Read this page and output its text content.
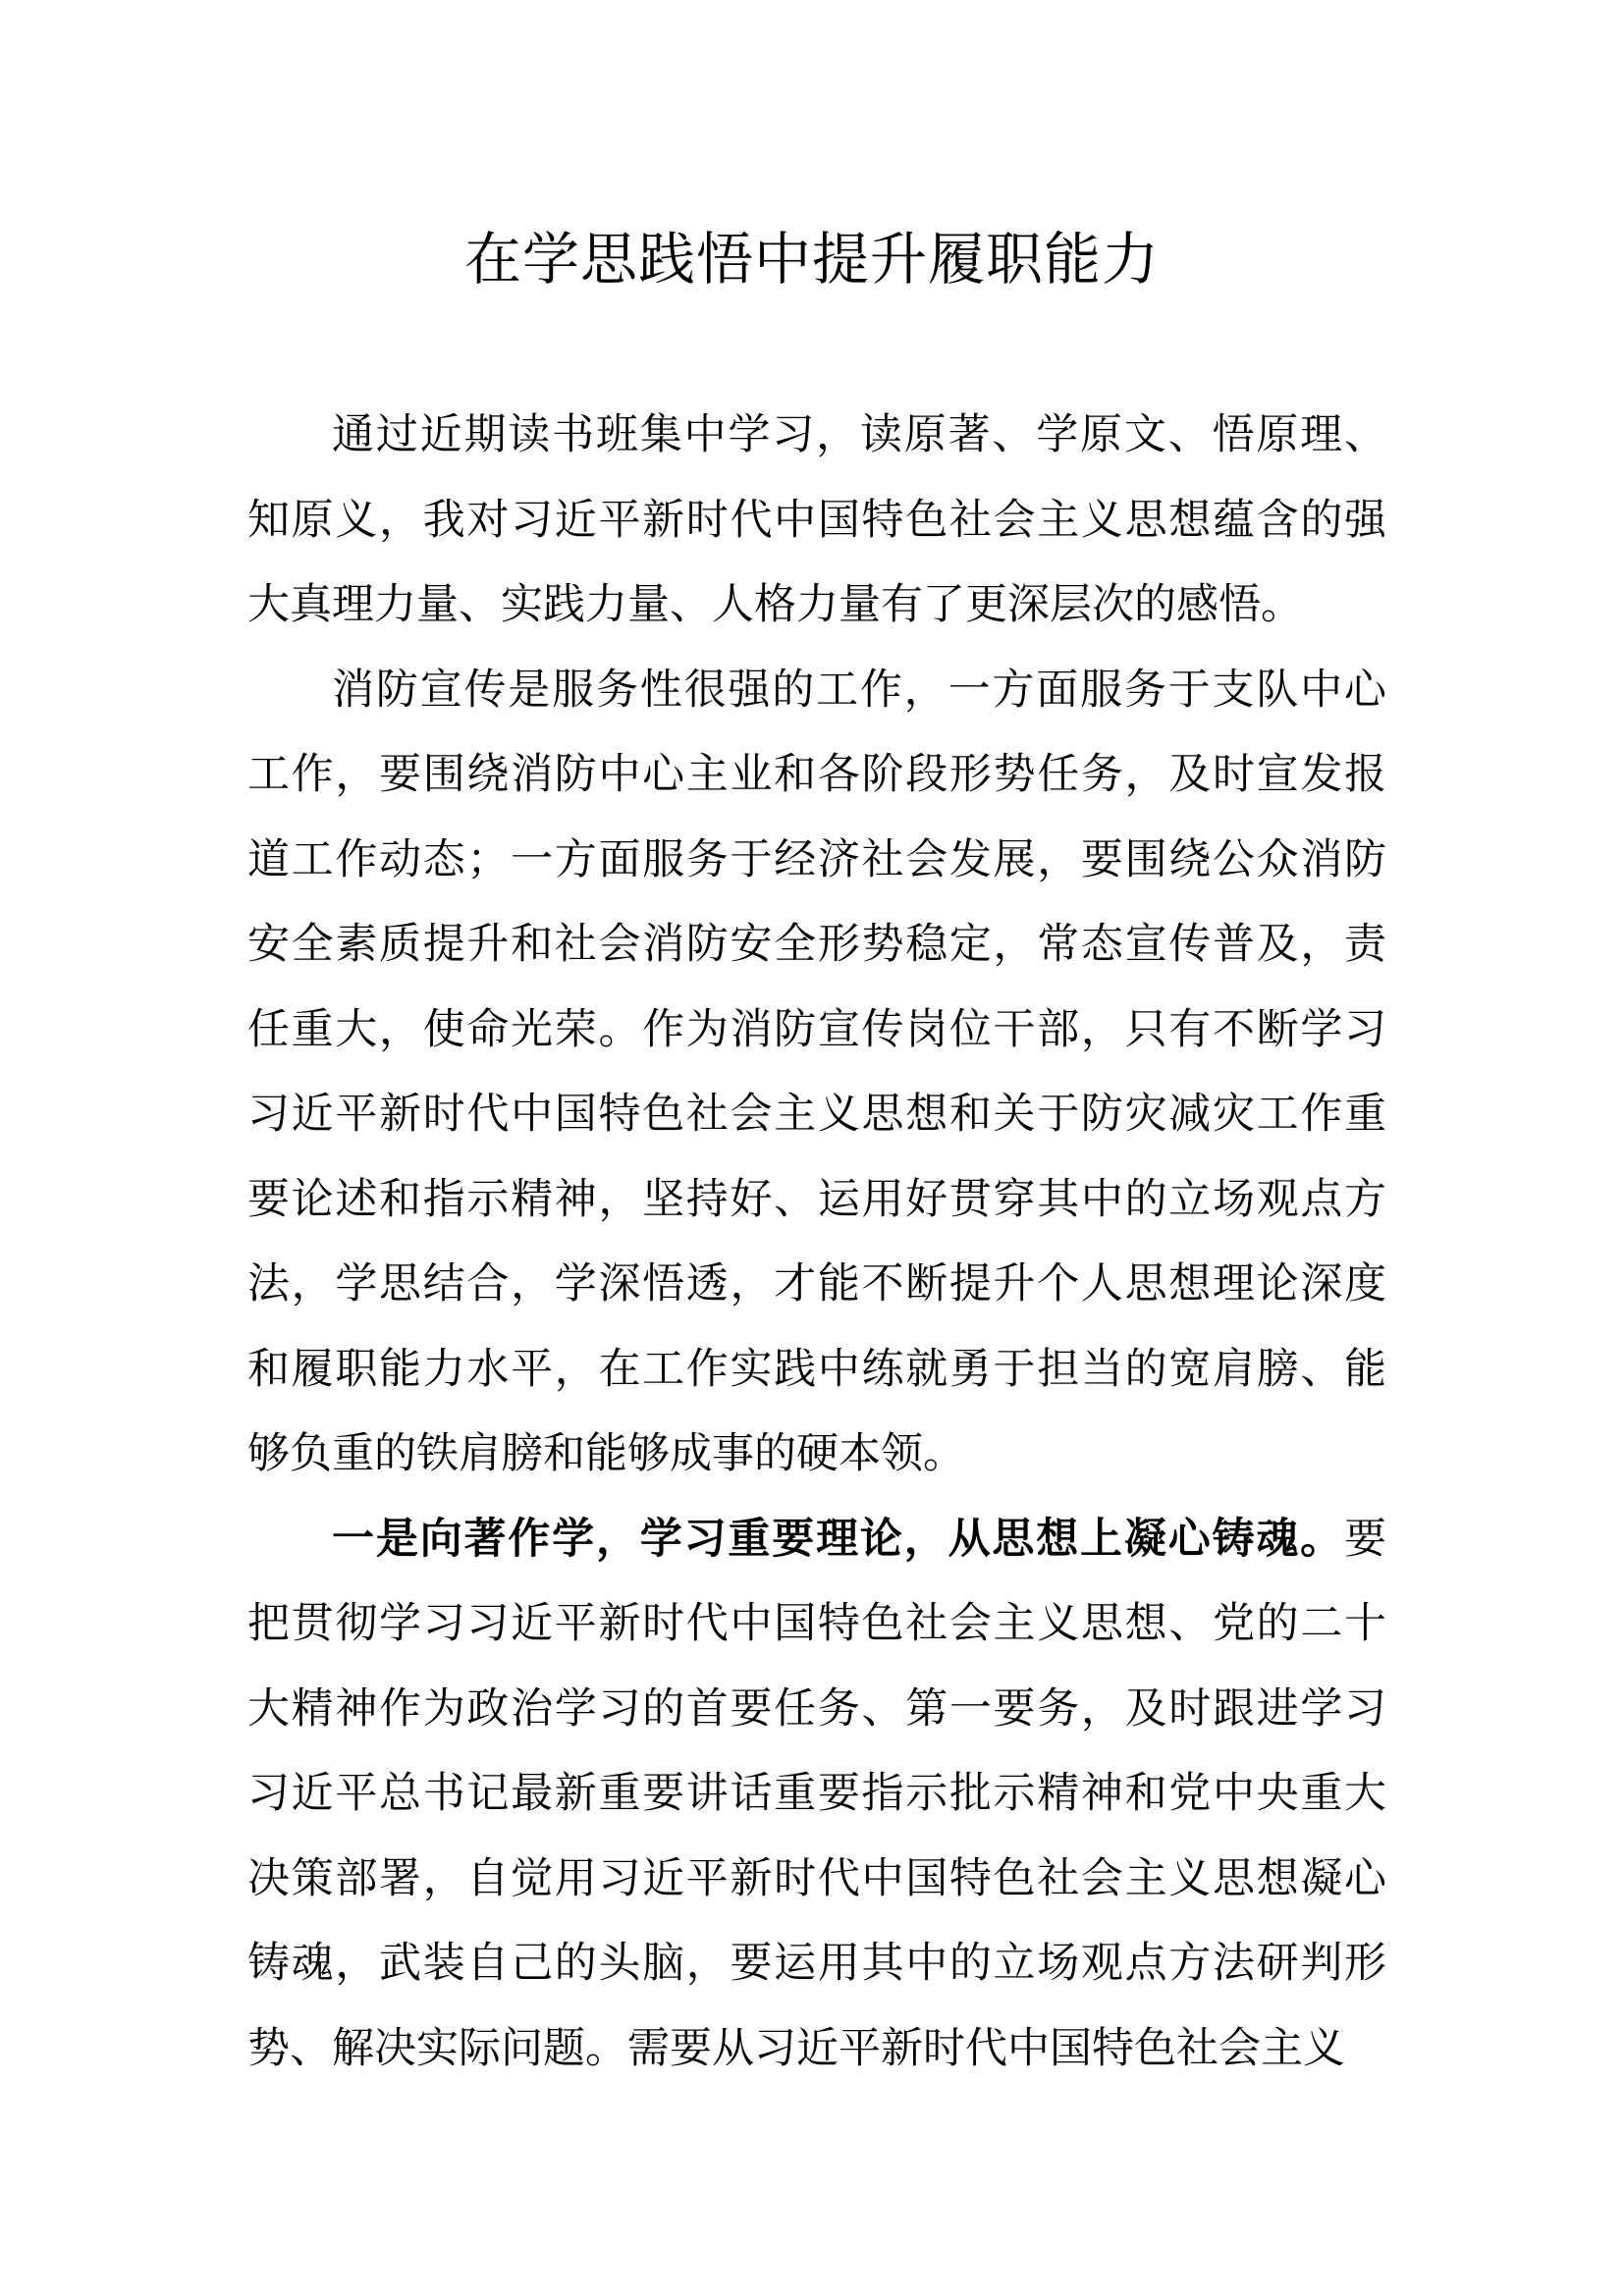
在学思践悟中提升履职能力

通过近期读书班集中学习，读原著、学原文、悟原理、知原义，我对习近平新时代中国特色社会主义思想蕴含的强大真理力量、实践力量、人格力量有了更深层次的感悟。

消防宣传是服务性很强的工作，一方面服务于支队中心工作，要围绕消防中心主业和各阶段形势任务，及时宣发报道工作动态；一方面服务于经济社会发展，要围绕公众消防安全素质提升和社会消防安全形势稳定，常态宣传普及，责任重大，使命光荣。作为消防宣传岗位干部，只有不断学习习近平新时代中国特色社会主义思想和关于防灾减灾工作重要论述和指示精神，坚持好、运用好贯穿其中的立场观点方法，学思结合，学深悟透，才能不断提升个人思想理论深度和履职能力水平，在工作实践中练就勇于担当的宽肩膀、能够负重的铁肩膀和能够成事的硬本领。

一是向著作学，学习重要理论，从思想上凝心铸魂。要把贯彻学习习近平新时代中国特色社会主义思想、党的二十大精神作为政治学习的首要任务、第一要务，及时跟进学习习近平总书记最新重要讲话重要指示批示精神和党中央重大决策部署，自觉用习近平新时代中国特色社会主义思想凝心铸魂，武装自己的头脑，要运用其中的立场观点方法研判形势、解决实际问题。需要从习近平新时代中国特色社会主义
